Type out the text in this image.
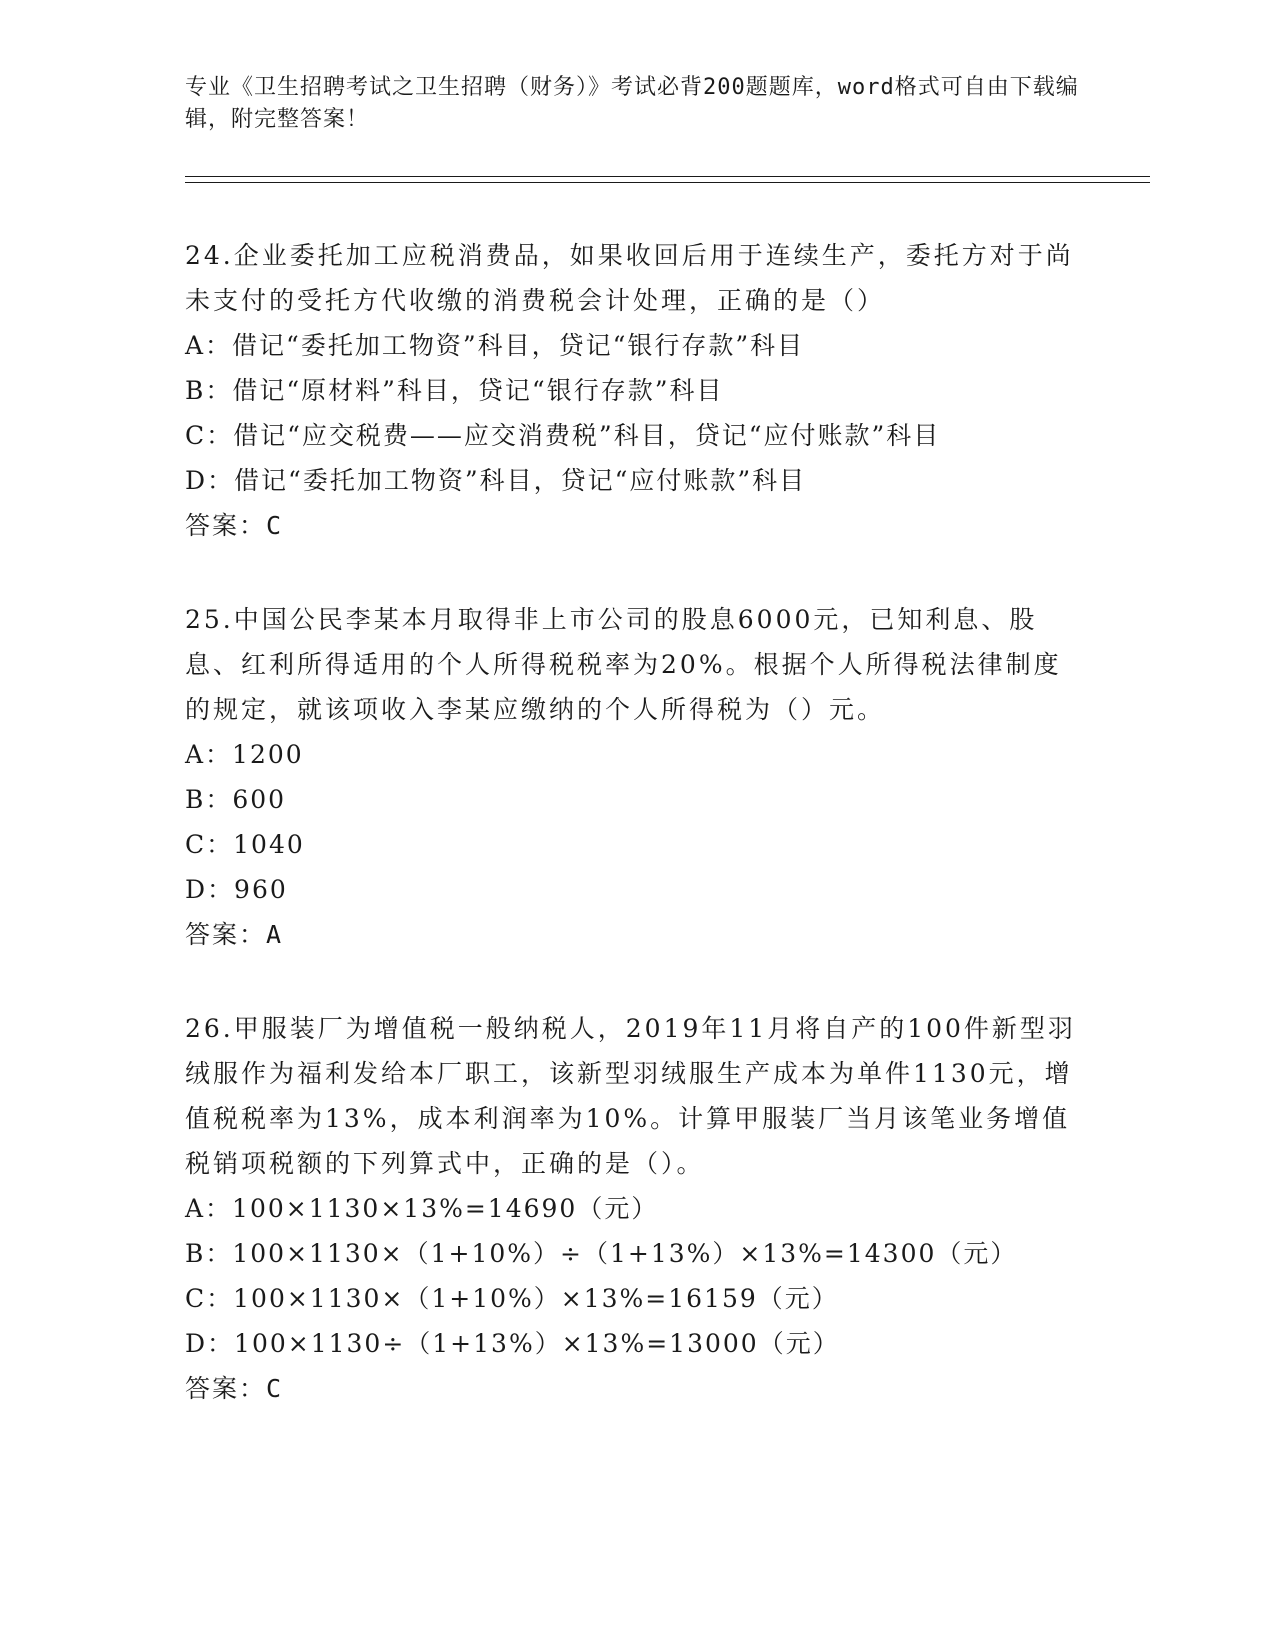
专业《卫生招聘考试之卫生招聘（财务）》考试必背200题题库，word格式可自由下载编辑，附完整答案！

24.企业委托加工应税消费品，如果收回后用于连续生产，委托方对于尚未支付的受托方代收缴的消费税会计处理，正确的是（）

A：借记“委托加工物资”科目，贷记“银行存款”科目

B：借记“原材料”科目，贷记“银行存款”科目

C：借记“应交税费——应交消费税”科目，贷记“应付账款”科目

D：借记“委托加工物资”科目，贷记“应付账款”科目

答案：C

25.中国公民李某本月取得非上市公司的股息6000元，已知利息、股息、红利所得适用的个人所得税税率为20%。根据个人所得税法律制度的规定，就该项收入李某应缴纳的个人所得税为（）元。

A：1200

B：600

C：1040

D：960

答案：A

26.甲服装厂为增值税一般纳税人，2019年11月将自产的100件新型羽绒服作为福利发给本厂职工，该新型羽绒服生产成本为单件1130元，增值税税率为13%，成本利润率为10%。计算甲服装厂当月该笔业务增值税销项税额的下列算式中，正确的是（）。

A：100×1130×13%=14690（元）

B：100×1130×（1+10%）÷（1+13%）×13%=14300（元）

C：100×1130×（1+10%）×13%=16159（元）

D：100×1130÷（1+13%）×13%=13000（元）

答案：C
